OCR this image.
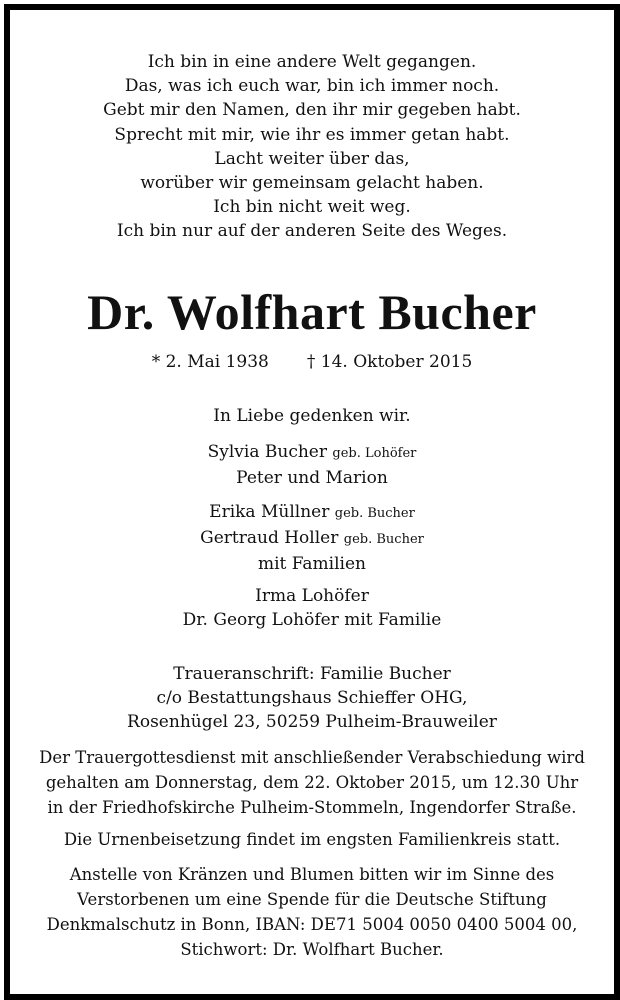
Ich bin in eine andere Welt gegangen.
Das, was ich euch war, bin ich immer noch.
Gebt mir den Namen, den ihr mir gegeben habt.
Sprecht mit mir, wie ihr es immer getan habt.
Lacht weiter über das,
worüber wir gemeinsam gelacht haben.
Ich bin nicht weit weg.
Ich bin nur auf der anderen Seite des Weges.
Dr. Wolfhart Bucher
* 2. Mai 1938 † 14. Oktober 2015
In Liebe gedenken wir.
Sylvia Bucher geb. Lohöfer
Peter und Marion
Erika Müllner geb. Bucher
Gertraud Holler geb. Bucher
mit Familien
Irma Lohöfer
Dr. Georg Lohöfer mit Familie
Traueranschrift: Familie Bucher
c/o Bestattungshaus Schieffer OHG,
Rosenhügel 23, 50259 Pulheim-Brauweiler
Der Trauergottesdienst mit anschließender Verabschiedung wird
gehalten am Donnerstag, dem 22. Oktober 2015, um 12.30 Uhr
in der Friedhofskirche Pulheim-Stommeln, Ingendorfer Straße.
Die Urnenbeisetzung findet im engsten Familienkreis statt.
Anstelle von Kränzen und Blumen bitten wir im Sinne des
Verstorbenen um eine Spende für die Deutsche Stiftung
Denkmalschutz in Bonn, IBAN: DE71 5004 0050 0400 5004 00,
Stichwort: Dr. Wolfhart Bucher.
